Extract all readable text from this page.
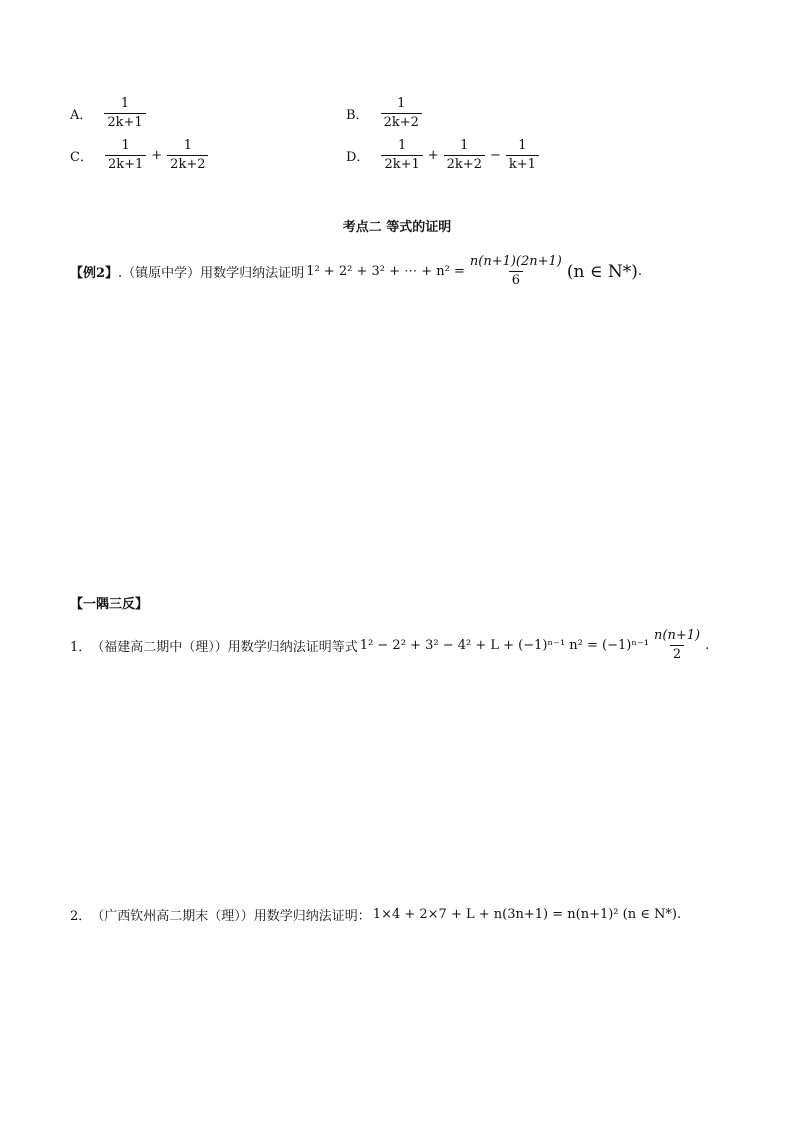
A． $\frac{1}{2k+1}$	B． $\frac{1}{2k+2}$
C． $\frac{1}{2k+1} + \frac{1}{2k+2}$	D． $\frac{1}{2k+1} + \frac{1}{2k+2} - \frac{1}{k+1}$
考点二 等式的证明
【例2】 .（镇原中学）用数学归纳法证明 1² + 2² + 3² + ⋯ + $n^2 = \frac{n(n+1)(2n+1)}{6} (n$ ∈ N*) .
【一隅三反】
1． （福建高二期中（理））用数学归纳法证明等式 1² − 2² + 3² − 4² + L + (−1)ⁿ⁻¹ $n^2 = (-1)^{n-1} \frac{n(n+1)}{2}$ .
2． （广西钦州高二期末（理））用数学归纳法证明： 1×4 + 2×7 + L + n(3n+1) = n(n+1)² (n ∈ N*) .
